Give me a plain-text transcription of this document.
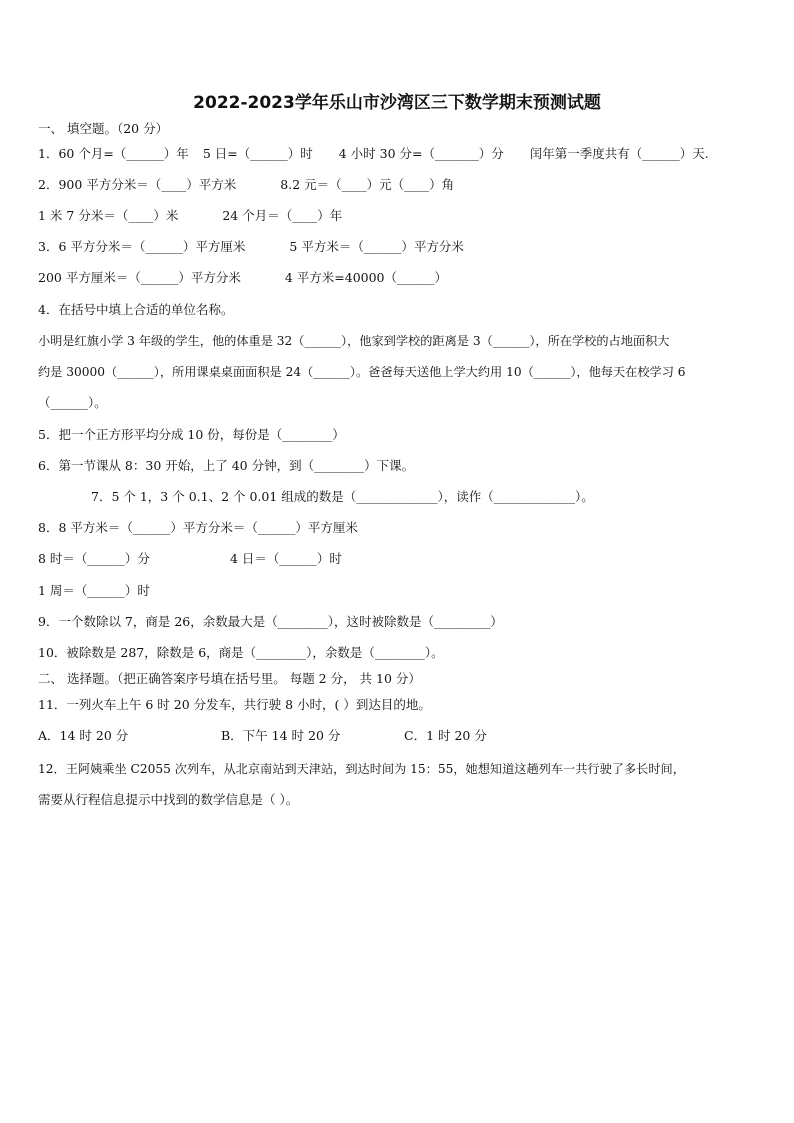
2022-2023学年乐山市沙湾区三下数学期末预测试题
一、 填空题。（20 分）
1．60 个月=（______）年 5 日=（______）时 4 小时 30 分=（_______）分 闰年第一季度共有（______）天.
2．900 平方分米＝（____）平方米	8.2 元＝（____）元（____）角
1 米 7 分米＝（____）米	24 个月＝（____）年
3．6 平方分米＝（______）平方厘米	5 平方米＝（______）平方分米
200 平方厘米＝（______）平方分米	4 平方米=40000（______）
4．在括号中填上合适的单位名称。
小明是红旗小学 3 年级的学生，他的体重是 32（______），他家到学校的距离是 3（______），所在学校的占地面积大
约是 30000（______），所用课桌桌面面积是 24（______）。爸爸每天送他上学大约用 10（______），他每天在校学习 6
（______）。
5．把一个正方形平均分成 10 份，每份是（________）
6．第一节课从 8：30 开始，上了 40 分钟，到（________）下课。
7．5 个 1，3 个 0.1、2 个 0.01 组成的数是（_____________），读作（_____________）。
8．8 平方米＝（______）平方分米＝（______）平方厘米
8 时＝（______）分	4 日＝（______）时
1 周＝（______）时
9．一个数除以 7，商是 26，余数最大是（________），这时被除数是（_________）
10．被除数是 287，除数是 6，商是（________），余数是（________）。
二、 选择题。（把正确答案序号填在括号里。 每题 2 分， 共 10 分）
11．一列火车上午 6 时 20 分发车，共行驶 8 小时，( ）到达目的地。
A．14 时 20 分	B．下午 14 时 20 分	C．1 时 20 分
12．王阿姨乘坐 C2055 次列车，从北京南站到天津站，到达时间为 15：55，她想知道这趟列车一共行驶了多长时间，
需要从行程信息提示中找到的数学信息是（ ）。
